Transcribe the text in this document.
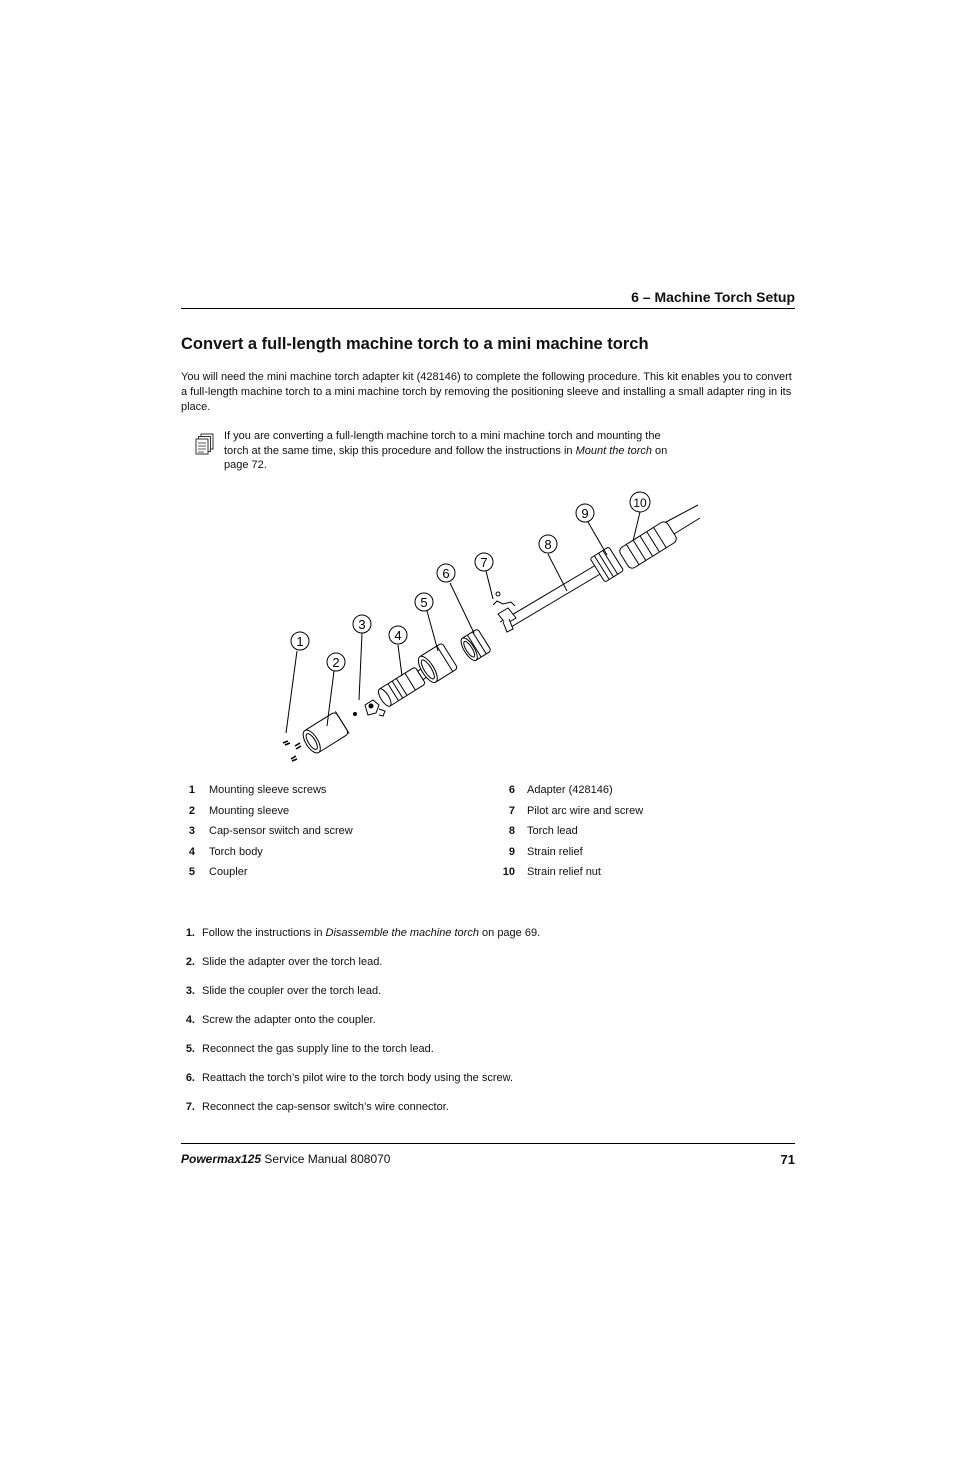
6 – Machine Torch Setup
Convert a full-length machine torch to a mini machine torch
You will need the mini machine torch adapter kit (428146) to complete the following procedure. This kit enables you to convert a full-length machine torch to a mini machine torch by removing the positioning sleeve and installing a small adapter ring in its place.
If you are converting a full-length machine torch to a mini machine torch and mounting the torch at the same time, skip this procedure and follow the instructions in Mount the torch on page 72.
1
2
3
4
5
6
7
8
9
10
1 Mounting sleeve screws
2 Mounting sleeve
3 Cap-sensor switch and screw
4 Torch body
5 Coupler
6 Adapter (428146)
7 Pilot arc wire and screw
8 Torch lead
9 Strain relief
10 Strain relief nut
1. Follow the instructions in Disassemble the machine torch on page 69.
2. Slide the adapter over the torch lead.
3. Slide the coupler over the torch lead.
4. Screw the adapter onto the coupler.
5. Reconnect the gas supply line to the torch lead.
6. Reattach the torch’s pilot wire to the torch body using the screw.
7. Reconnect the cap-sensor switch’s wire connector.
Powermax125 Service Manual 808070	71
